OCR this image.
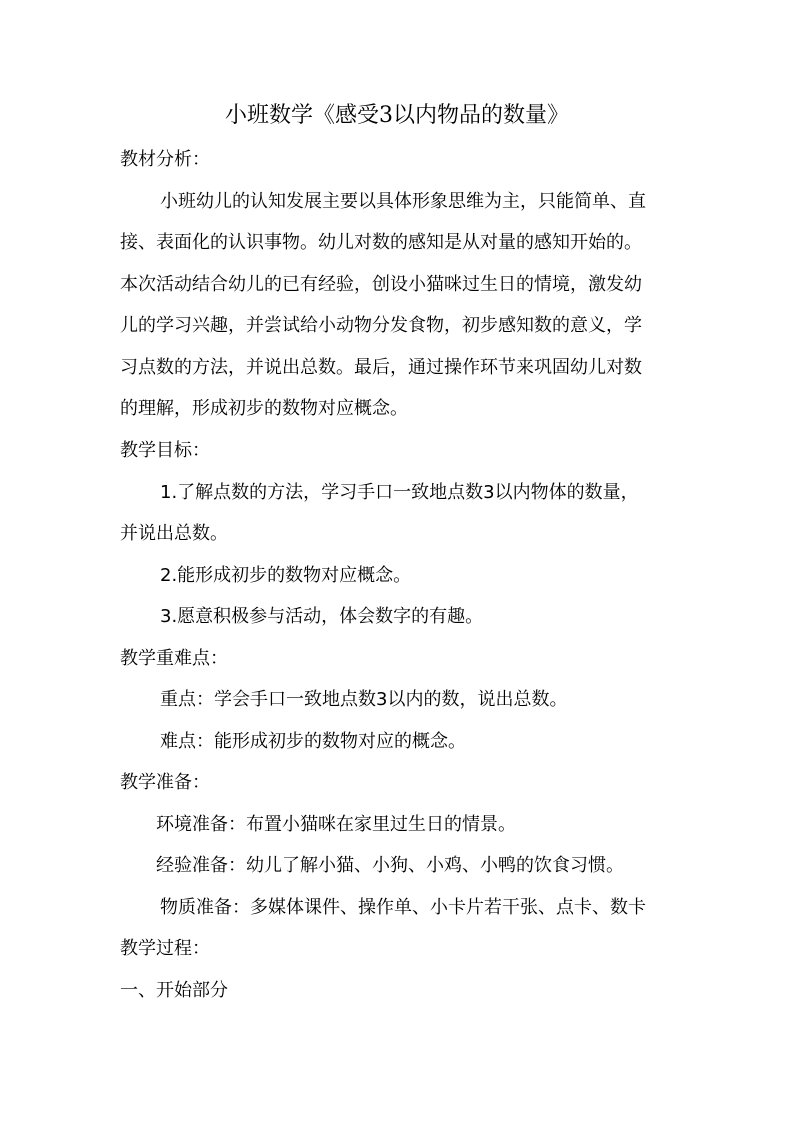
小班数学《感受3以内物品的数量》
教材分析：
小班幼儿的认知发展主要以具体形象思维为主，只能简单、直
接、表面化的认识事物。幼儿对数的感知是从对量的感知开始的。
本次活动结合幼儿的已有经验，创设小猫咪过生日的情境，激发幼
儿的学习兴趣，并尝试给小动物分发食物，初步感知数的意义，学
习点数的方法，并说出总数。最后，通过操作环节来巩固幼儿对数
的理解，形成初步的数物对应概念。
教学目标：
1.了解点数的方法，学习手口一致地点数3以内物体的数量，
并说出总数。
2.能形成初步的数物对应概念。
3.愿意积极参与活动，体会数字的有趣。
教学重难点：
重点：学会手口一致地点数3以内的数，说出总数。
难点：能形成初步的数物对应的概念。
教学准备：
环境准备：布置小猫咪在家里过生日的情景。
经验准备：幼儿了解小猫、小狗、小鸡、小鸭的饮食习惯。
物质准备：多媒体课件、操作单、小卡片若干张、点卡、数卡
教学过程：
一、开始部分
